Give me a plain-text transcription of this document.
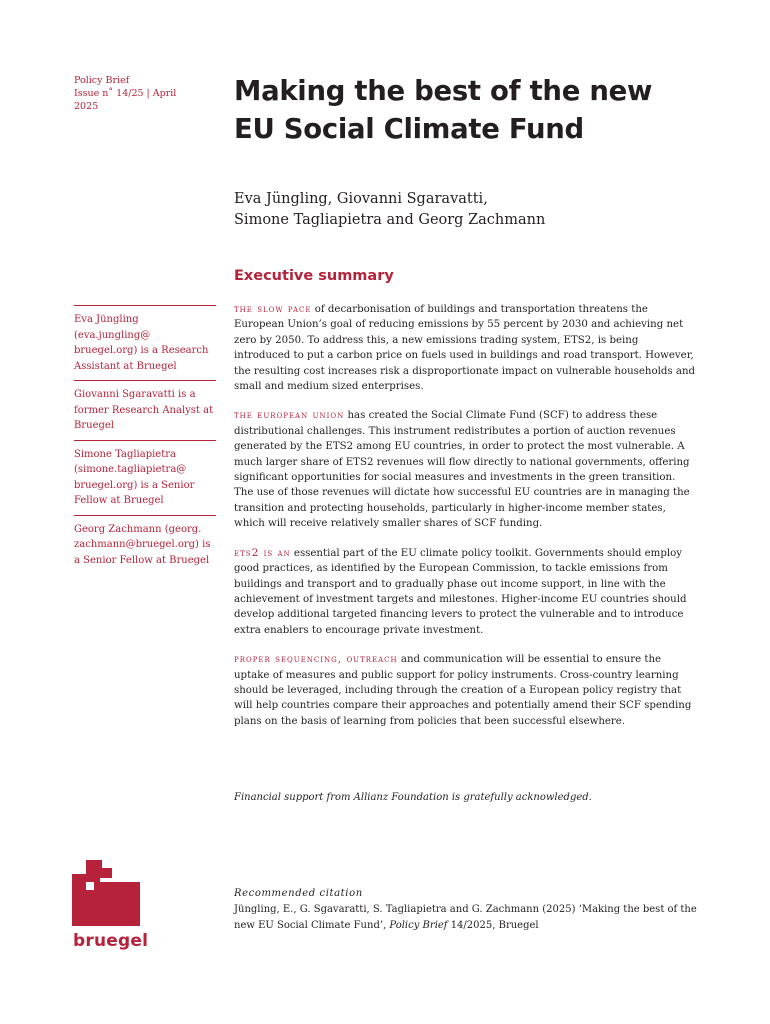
Policy Brief
Issue n˚ 14/25 | April 2025	Making the best of the new
EU Social Climate Fund
Eva Jüngling, Giovanni Sgaravatti,
Simone Tagliapietra and Georg Zachmann
Executive summary
Eva Jüngling (eva.jungling@ bruegel.org) is a Research Assistant at Bruegel
Giovanni Sgaravatti is a former Research Analyst at Bruegel
Simone Tagliapietra (simone.tagliapietra@ bruegel.org) is a Senior Fellow at Bruegel
Georg Zachmann (georg. zachmann@bruegel.org) is a Senior Fellow at Bruegel

the slow pace of decarbonisation of buildings and transportation threatens the European Union’s goal of reducing emissions by 55 percent by 2030 and achieving net zero by 2050. To address this, a new emissions trading system, ETS2, is being introduced to put a carbon price on fuels used in buildings and road transport. However, the resulting cost increases risk a disproportionate impact on vulnerable households and small and medium sized enterprises.

the european union has created the Social Climate Fund (SCF) to address these distributional challenges. This instrument redistributes a portion of auction revenues generated by the ETS2 among EU countries, in order to protect the most vulnerable. A much larger share of ETS2 revenues will flow directly to national governments, offering significant opportunities for social measures and investments in the green transition. The use of those revenues will dictate how successful EU countries are in managing the transition and protecting households, particularly in higher-income member states, which will receive relatively smaller shares of SCF funding.

ets2 is an essential part of the EU climate policy toolkit. Governments should employ good practices, as identified by the European Commission, to tackle emissions from buildings and transport and to gradually phase out income support, in line with the achievement of investment targets and milestones. Higher-income EU countries should develop additional targeted financing levers to protect the vulnerable and to introduce extra enablers to encourage private investment.

proper sequencing, outreach and communication will be essential to ensure the uptake of measures and public support for policy instruments. Cross-country learning should be leveraged, including through the creation of a European policy registry that will help countries compare their approaches and potentially amend their SCF spending plans on the basis of learning from policies that been successful elsewhere.

Financial support from Allianz Foundation is gratefully acknowledged.
Recommended citation
Jüngling, E., G. Sgavaratti, S. Tagliapietra and G. Zachmann (2025) ‘Making the best of the new EU Social Climate Fund’, Policy Brief 14/2025, Bruegel
bruegel
